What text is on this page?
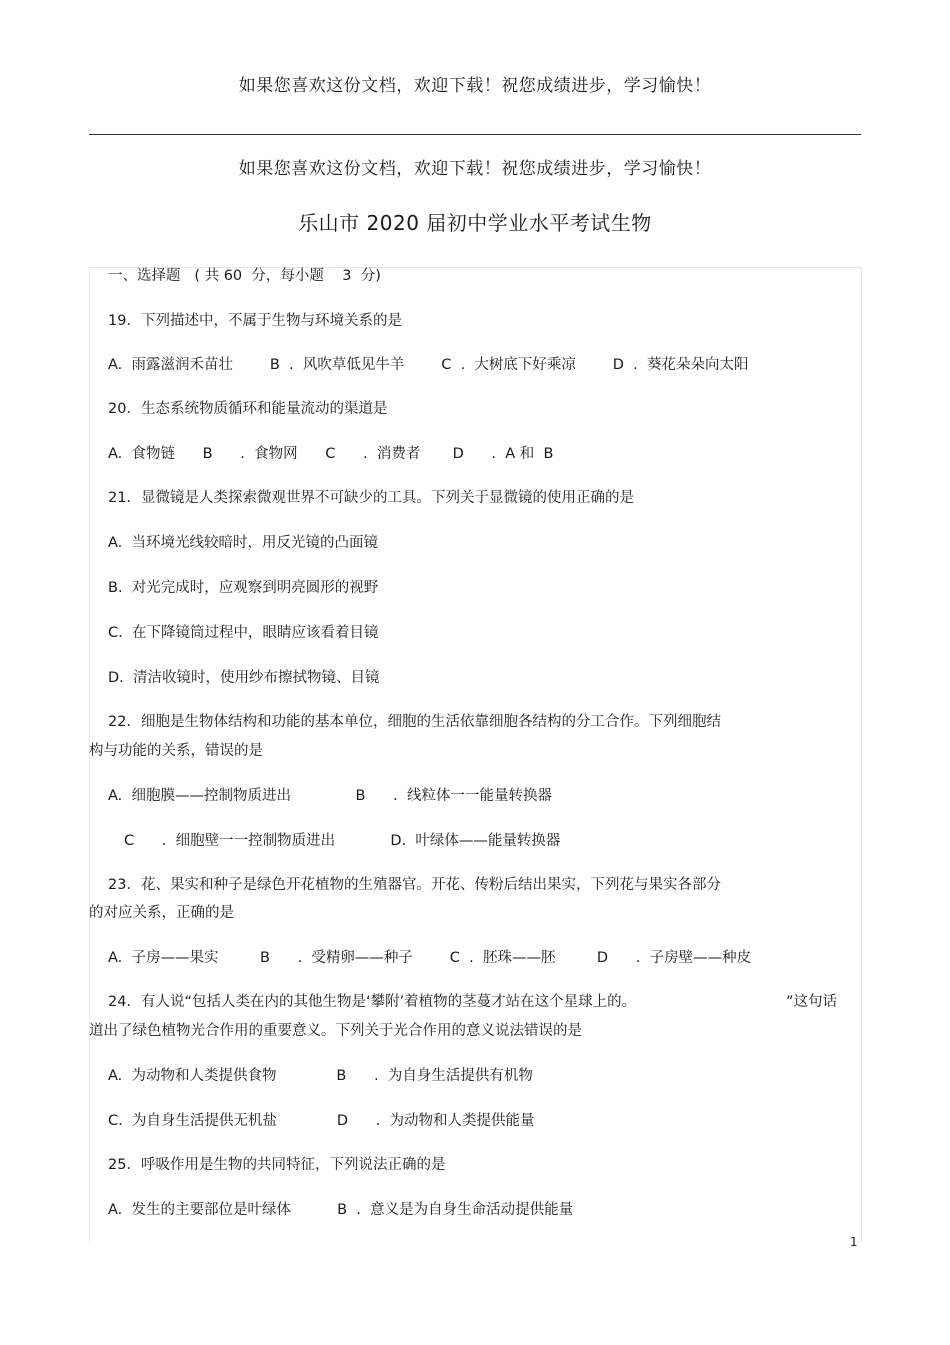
如果您喜欢这份文档，欢迎下载！祝您成绩进步，学习愉快！
如果您喜欢这份文档，欢迎下载！祝您成绩进步，学习愉快！
乐山市 2020 届初中学业水平考试生物
一、选择题   ( 共 60  分，每小题    3  分)
19．下列描述中，不属于生物与环境关系的是
A.  雨露滋润禾苗壮        B  .  风吹草低见牛羊        C  .  大树底下好乘凉        D  .  葵花朵朵向太阳
20．生态系统物质循环和能量流动的渠道是
A.  食物链      B      .  食物网      C      .  消费者       D      .  A 和  B
21．显微镜是人类探索微观世界不可缺少的工具。下列关于显微镜的使用正确的是
A.  当环境光线较暗时，用反光镜的凸面镜
B.  对光完成时，应观察到明亮圆形的视野
C.  在下降镜筒过程中，眼睛应该看着目镜
D.  清洁收镜时，使用纱布擦拭物镜、目镜
22．细胞是生物体结构和功能的基本单位，细胞的生活依靠细胞各结构的分工合作。下列细胞结
构与功能的关系，错误的是
A.  细胞膜——控制物质进出              B      .  线粒体一一能量转换器
C      .  细胞壁一一控制物质进出            D.  叶绿体——能量转换器
23．花、果实和种子是绿色开花植物的生殖器官。开花、传粉后结出果实，下列花与果实各部分
的对应关系，正确的是
A.  子房——果实         B      .  受精卵——种子        C  .  胚珠——胚         D      .  子房壁——种皮
24．有人说“包括人类在内的其他生物是‘攀附’着植物的茎蔓才站在这个星球上的。	”这句话
道出了绿色植物光合作用的重要意义。下列关于光合作用的意义说法错误的是
A.  为动物和人类提供食物             B      .  为自身生活提供有机物
C.  为自身生活提供无机盐             D      .  为动物和人类提供能量
25．呼吸作用是生物的共同特征，下列说法正确的是
A.  发生的主要部位是叶绿体          B  .  意义是为自身生命活动提供能量
1
